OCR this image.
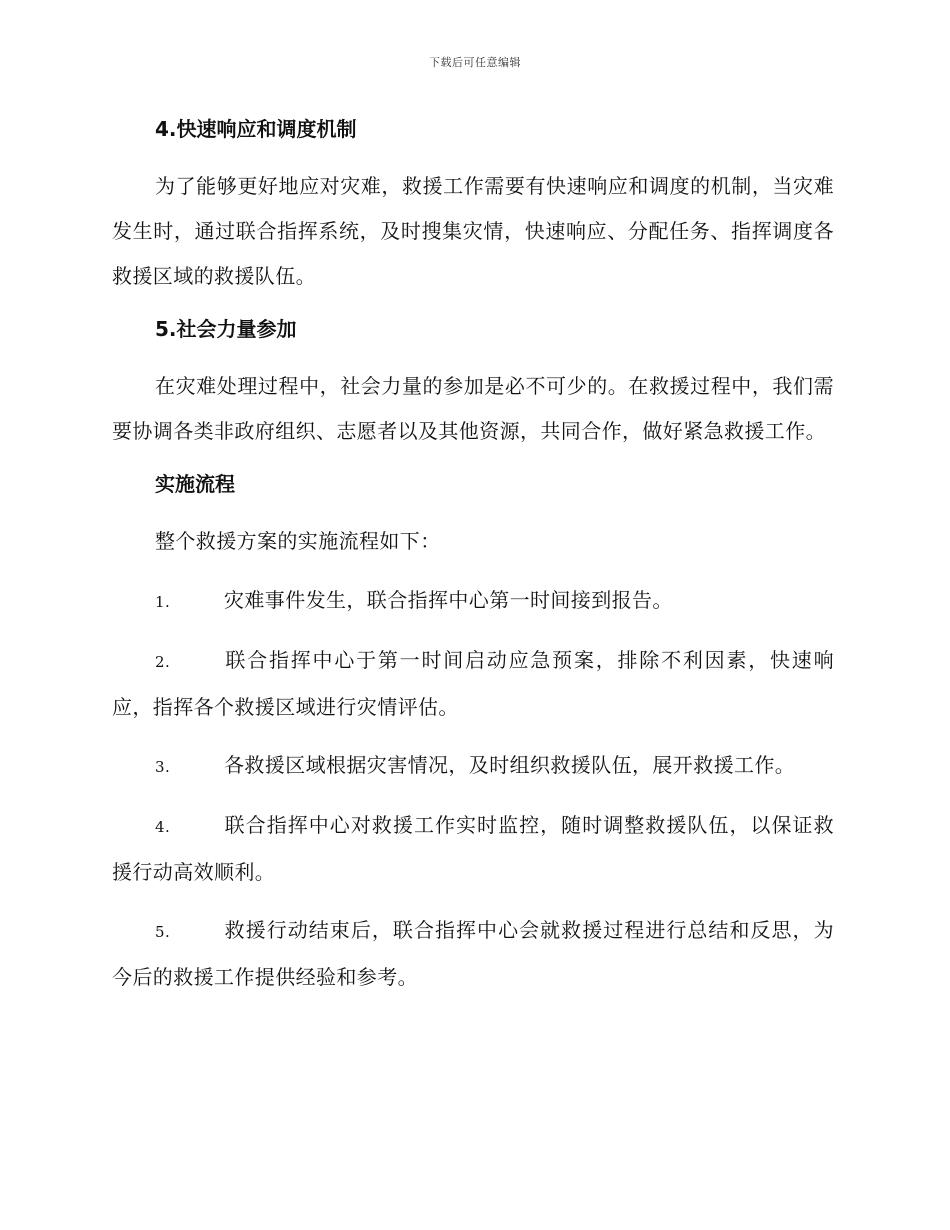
下载后可任意编辑
4.快速响应和调度机制

为了能够更好地应对灾难，救援工作需要有快速响应和调度的机制，当灾难发生时，通过联合指挥系统，及时搜集灾情，快速响应、分配任务、指挥调度各救援区域的救援队伍。

5.社会力量参加

在灾难处理过程中，社会力量的参加是必不可少的。在救援过程中，我们需要协调各类非政府组织、志愿者以及其他资源，共同合作，做好紧急救援工作。

实施流程

整个救援方案的实施流程如下：

1.	灾难事件发生，联合指挥中心第一时间接到报告。

2.	联合指挥中心于第一时间启动应急预案，排除不利因素，快速响应，指挥各个救援区域进行灾情评估。

3.	各救援区域根据灾害情况，及时组织救援队伍，展开救援工作。

4.	联合指挥中心对救援工作实时监控，随时调整救援队伍，以保证救援行动高效顺利。

5.	救援行动结束后，联合指挥中心会就救援过程进行总结和反思，为今后的救援工作提供经验和参考。
